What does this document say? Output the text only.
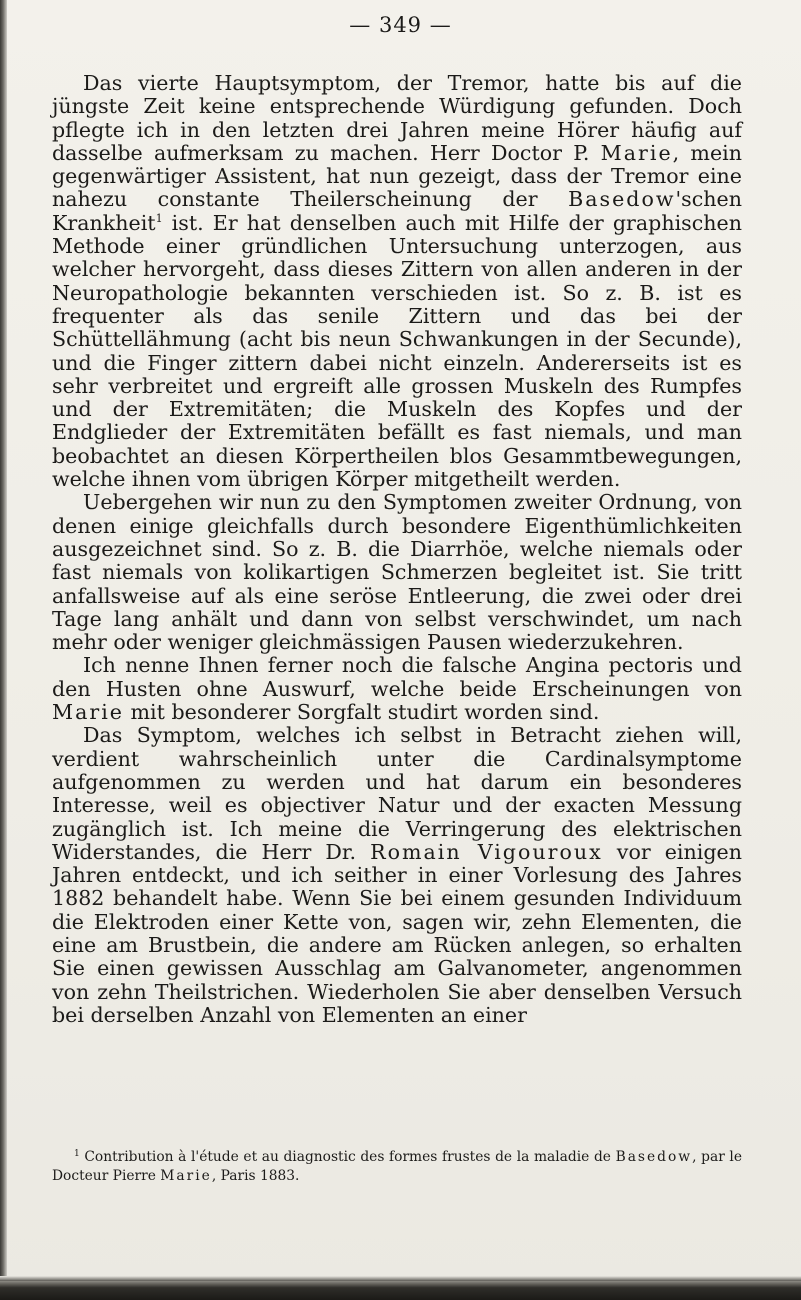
— 349 —

Das vierte Hauptsymptom, der Tremor, hatte bis auf die jüngste Zeit keine entsprechende Würdigung gefunden. Doch pflegte ich in den letzten drei Jahren meine Hörer häufig auf dasselbe aufmerksam zu machen. Herr Doctor P. Marie, mein gegenwärtiger Assistent, hat nun gezeigt, dass der Tremor eine nahezu constante Theilerscheinung der Basedow'schen Krankheit$^1$ ist. Er hat denselben auch mit Hilfe der graphischen Methode einer gründlichen Untersuchung unterzogen, aus welcher hervorgeht, dass dieses Zittern von allen anderen in der Neuropathologie bekannten verschieden ist. So z. B. ist es frequenter als das senile Zittern und das bei der Schüttellähmung (acht bis neun Schwankungen in der Secunde), und die Finger zittern dabei nicht einzeln. Andererseits ist es sehr verbreitet und ergreift alle grossen Muskeln des Rumpfes und der Extremitäten; die Muskeln des Kopfes und der Endglieder der Extremitäten befällt es fast niemals, und man beobachtet an diesen Körpertheilen blos Gesammtbewegungen, welche ihnen vom übrigen Körper mitgetheilt werden.

Uebergehen wir nun zu den Symptomen zweiter Ordnung, von denen einige gleichfalls durch besondere Eigenthümlichkeiten ausgezeichnet sind. So z. B. die Diarrhöe, welche niemals oder fast niemals von kolikartigen Schmerzen begleitet ist. Sie tritt anfallsweise auf als eine seröse Entleerung, die zwei oder drei Tage lang anhält und dann von selbst verschwindet, um nach mehr oder weniger gleichmässigen Pausen wiederzukehren.

Ich nenne Ihnen ferner noch die falsche Angina pectoris und den Husten ohne Auswurf, welche beide Erscheinungen von Marie mit besonderer Sorgfalt studirt worden sind.

Das Symptom, welches ich selbst in Betracht ziehen will, verdient wahrscheinlich unter die Cardinalsymptome aufgenommen zu werden und hat darum ein besonderes Interesse, weil es objectiver Natur und der exacten Messung zugänglich ist. Ich meine die Verringerung des elektrischen Widerstandes, die Herr Dr. Romain Vigouroux vor einigen Jahren entdeckt, und ich seither in einer Vorlesung des Jahres 1882 behandelt habe. Wenn Sie bei einem gesunden Individuum die Elektroden einer Kette von, sagen wir, zehn Elementen, die eine am Brustbein, die andere am Rücken anlegen, so erhalten Sie einen gewissen Ausschlag am Galvanometer, angenommen von zehn Theilstrichen. Wiederholen Sie aber denselben Versuch bei derselben Anzahl von Elementen an einer

$^1$ Contribution à l'étude et au diagnostic des formes frustes de la maladie de Basedow, par le Docteur Pierre Marie, Paris 1883.
